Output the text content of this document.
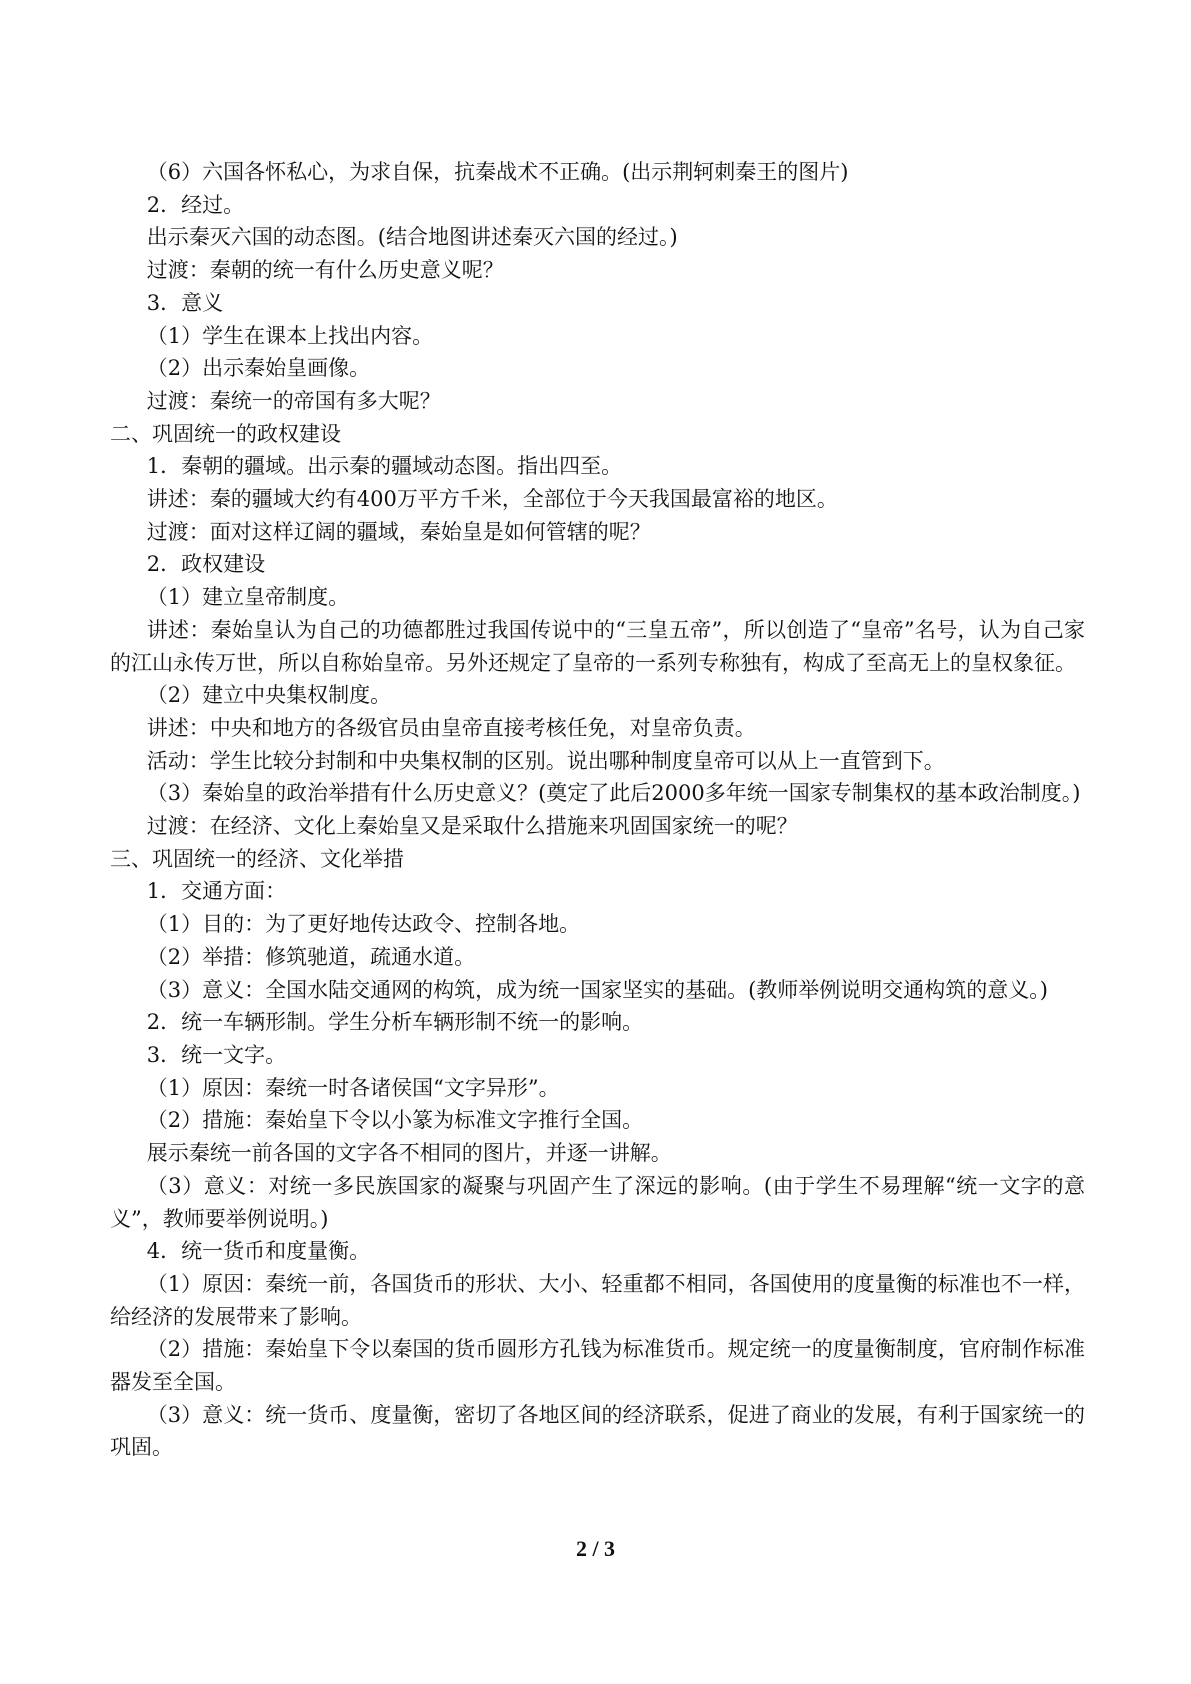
（6）六国各怀私心，为求自保，抗秦战术不正确。(出示荆轲刺秦王的图片)

2．经过。

出示秦灭六国的动态图。(结合地图讲述秦灭六国的经过。)

过渡：秦朝的统一有什么历史意义呢？

3．意义

（1）学生在课本上找出内容。

（2）出示秦始皇画像。

过渡：秦统一的帝国有多大呢？

二、巩固统一的政权建设

1．秦朝的疆域。出示秦的疆域动态图。指出四至。

讲述：秦的疆域大约有400万平方千米，全部位于今天我国最富裕的地区。

过渡：面对这样辽阔的疆域，秦始皇是如何管辖的呢？

2．政权建设

（1）建立皇帝制度。

讲述：秦始皇认为自己的功德都胜过我国传说中的“三皇五帝”，所以创造了“皇帝”名号，认为自己家的江山永传万世，所以自称始皇帝。另外还规定了皇帝的一系列专称独有，构成了至高无上的皇权象征。

（2）建立中央集权制度。

讲述：中央和地方的各级官员由皇帝直接考核任免，对皇帝负责。

活动：学生比较分封制和中央集权制的区别。说出哪种制度皇帝可以从上一直管到下。

（3）秦始皇的政治举措有什么历史意义？(奠定了此后2000多年统一国家专制集权的基本政治制度。)

过渡：在经济、文化上秦始皇又是采取什么措施来巩固国家统一的呢？

三、巩固统一的经济、文化举措

1．交通方面：

（1）目的：为了更好地传达政令、控制各地。

（2）举措：修筑驰道，疏通水道。

（3）意义：全国水陆交通网的构筑，成为统一国家坚实的基础。(教师举例说明交通构筑的意义。)

2．统一车辆形制。学生分析车辆形制不统一的影响。

3．统一文字。

（1）原因：秦统一时各诸侯国“文字异形”。

（2）措施：秦始皇下令以小篆为标准文字推行全国。

展示秦统一前各国的文字各不相同的图片，并逐一讲解。

（3）意义：对统一多民族国家的凝聚与巩固产生了深远的影响。(由于学生不易理解“统一文字的意义”，教师要举例说明。)

4．统一货币和度量衡。

（1）原因：秦统一前，各国货币的形状、大小、轻重都不相同，各国使用的度量衡的标准也不一样，给经济的发展带来了影响。

（2）措施：秦始皇下令以秦国的货币圆形方孔钱为标准货币。规定统一的度量衡制度，官府制作标准器发至全国。

（3）意义：统一货币、度量衡，密切了各地区间的经济联系，促进了商业的发展，有利于国家统一的巩固。

2 / 3
